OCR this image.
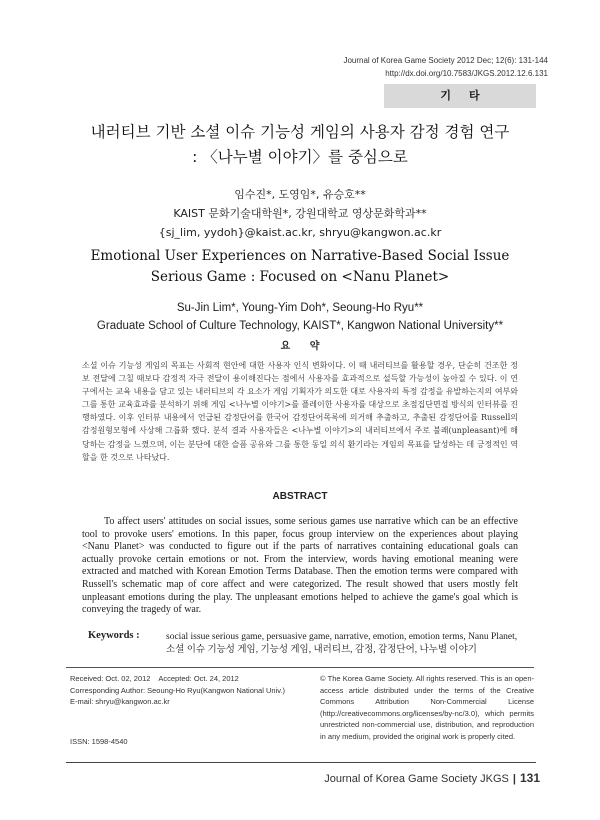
Journal of Korea Game Society 2012 Dec; 12(6): 131-144
http://dx.doi.org/10.7583/JKGS.2012.12.6.131
기타
내러티브 기반 소셜 이슈 기능성 게임의 사용자 감정 경험 연구
: 〈나누별 이야기〉를 중심으로
임수진*, 도영임*, 유승호**
KAIST 문화기술대학원*, 강원대학교 영상문화학과**
{sj_lim, yydoh}@kaist.ac.kr, shryu@kangwon.ac.kr
Emotional User Experiences on Narrative-Based Social Issue
Serious Game : Focused on <Nanu Planet>
Su-Jin Lim*, Young-Yim Doh*, Seoung-Ho Ryu**
Graduate School of Culture Technology, KAIST*, Kangwon National University**
요 약
소셜 이슈 기능성 게임의 목표는 사회적 현안에 대한 사용자 인식 변화이다. 이 때 내러티브를 활용할 경우, 단순히 건조한 정보 전달에 그칠 때보다 감정적 자극 전달이 용이해진다는 점에서 사용자를 효과적으로 설득할 가능성이 높아질 수 있다. 이 연구에서는 교육 내용을 담고 있는 내러티브의 각 요소가 게임 기획자가 의도한 대로 사용자의 특정 감정을 유발하는지의 여부와 그를 통한 교육효과를 분석하기 위해 게임 <나누별 이야기>를 플레이한 사용자를 대상으로 초점집단면접 방식의 인터뷰를 진행하였다. 이후 인터뷰 내용에서 언급된 감정단어를 한국어 감정단어목록에 의거해 추출하고, 추출된 감정단어를 Russell의 감정원형모형에 사상해 그룹화 했다. 분석 결과 사용자들은 <나누별 이야기>의 내러티브에서 주로 불쾌(unpleasant)에 해당하는 감정을 느꼈으며, 이는 분단에 대한 슬픔 공유와 그를 통한 동일 의식 환기라는 게임의 목표를 달성하는 데 긍정적인 역할을 한 것으로 나타났다.
ABSTRACT
To affect users' attitudes on social issues, some serious games use narrative which can be an effective tool to provoke users' emotions. In this paper, focus group interview on the experiences about playing <Nanu Planet> was conducted to figure out if the parts of narratives containing educational goals can actually provoke certain emotions or not. From the interview, words having emotional meaning were extracted and matched with Korean Emotion Terms Database. Then the emotion terms were compared with Russell's schematic map of core affect and were categorized. The result showed that users mostly felt unpleasant emotions during the play. The unpleasant emotions helped to achieve the game's goal which is conveying the tragedy of war.
Keywords :	social issue serious game, persuasive game, narrative, emotion, emotion terms, Nanu Planet, 소셜 이슈 기능성 게임, 기능성 게임, 내러티브, 감정, 감정단어, 나누별 이야기
Received: Oct. 02, 2012    Accepted: Oct. 24, 2012
Corresponding Author: Seoung-Ho Ryu(Kangwon National Univ.)
E-mail: shryu@kangwon.ac.kr
ISSN: 1598-4540
© The Korea Game Society. All rights reserved. This is an open-access article distributed under the terms of the Creative Commons Attribution Non-Commercial License (http://creativecommons.org/licenses/by-nc/3.0), which permits unrestricted non-commercial use, distribution, and reproduction in any medium, provided the original work is properly cited.
Journal of Korea Game Society JKGS | 131
